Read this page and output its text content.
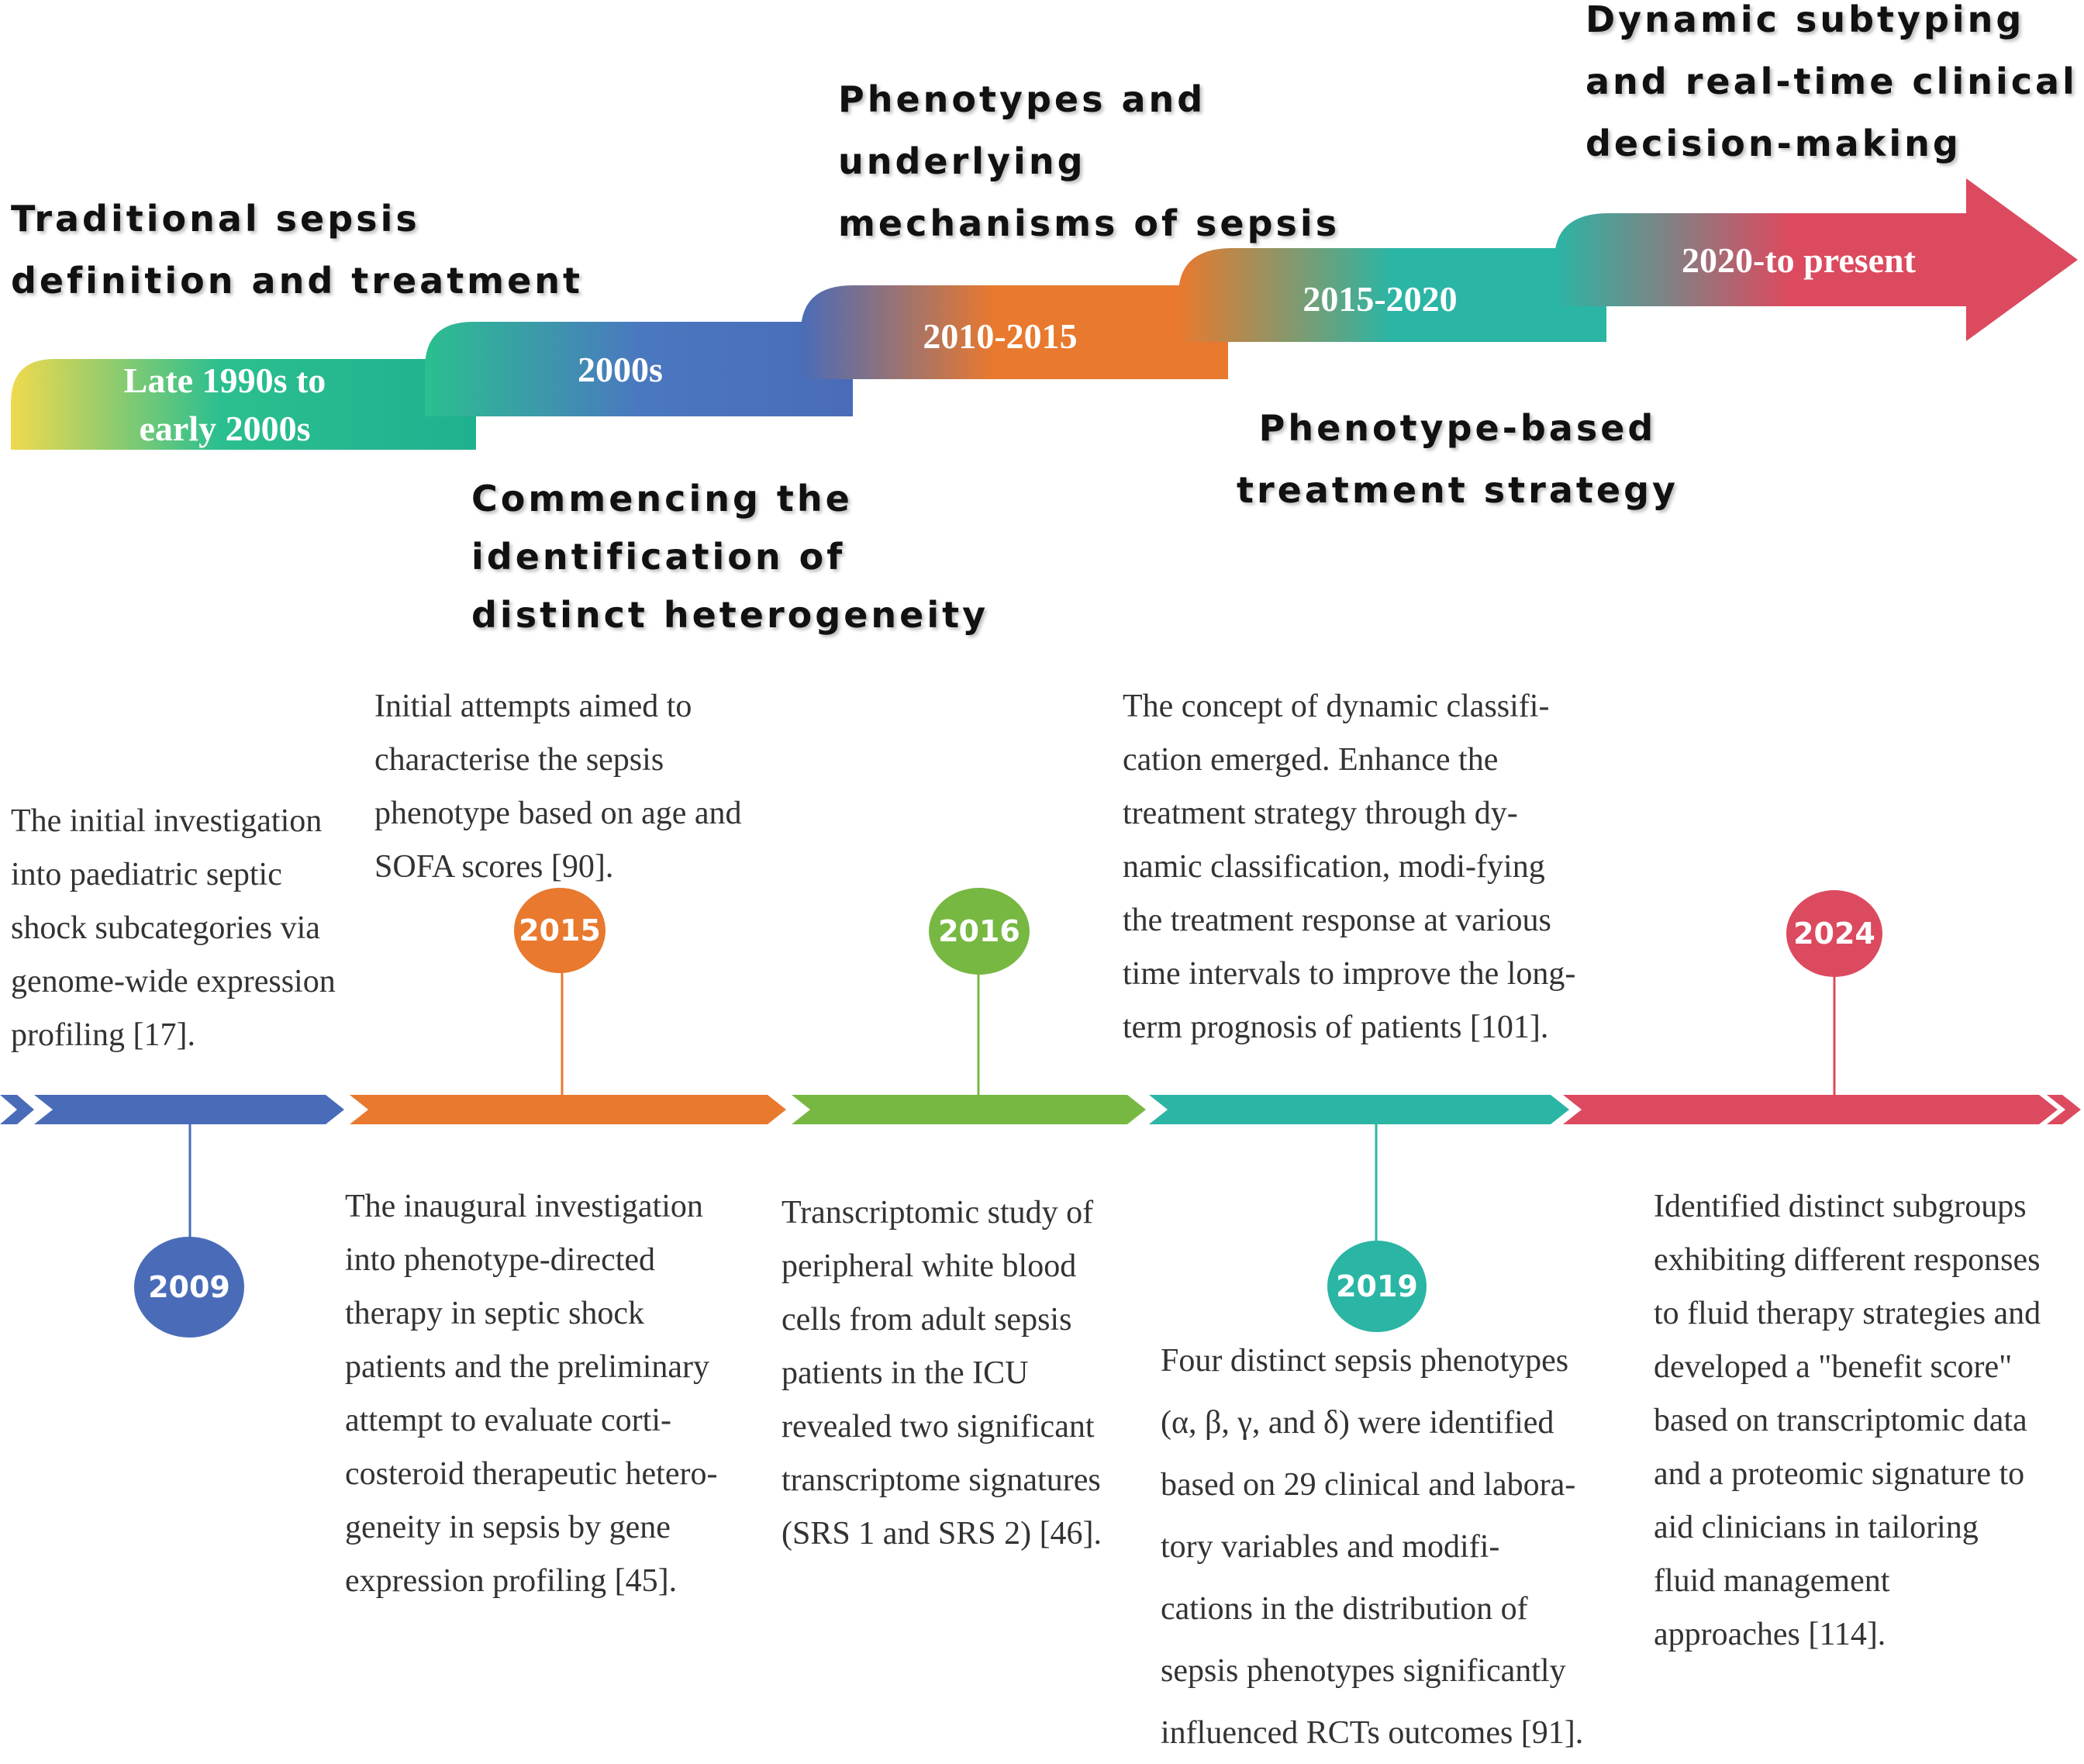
Late 1990s to
early 2000s
2000s
2010-2015
2015-2020
2020-to present
Traditional sepsis
definition and treatment
Commencing the
identification of
distinct heterogeneity
Phenotypes and
underlying
mechanisms of sepsis
Phenotype-based
treatment strategy
Dynamic subtyping
and real-time clinical
decision-making
2009
2015	2016
2019
2024
The initial investigation
into paediatric septic
shock subcategories via
genome-wide expression
profiling [17].
Initial attempts aimed to
characterise the sepsis
phenotype based on age and
SOFA scores [90].
The inaugural investigation
into phenotype-directed
therapy in septic shock
patients and the preliminary
attempt to evaluate corti-
costeroid therapeutic hetero-
geneity in sepsis by gene
expression profiling [45].
Transcriptomic study of
peripheral white blood
cells from adult sepsis
patients in the ICU
revealed two significant
transcriptome signatures
(SRS 1 and SRS 2) [46].
Four distinct sepsis phenotypes
(α, β, γ, and δ) were identified
based on 29 clinical and labora-
tory variables and modifi-
cations in the distribution of
sepsis phenotypes significantly
influenced RCTs outcomes [91].
The concept of dynamic classifi-
cation emerged. Enhance the
treatment strategy through dy-
namic classification, modi-fying
the treatment response at various
time intervals to improve the long-
term prognosis of patients [101].
Identified distinct subgroups
exhibiting different responses
to fluid therapy strategies and
developed a "benefit score"
based on transcriptomic data
and a proteomic signature to
aid clinicians in tailoring
fluid management
approaches [114].
